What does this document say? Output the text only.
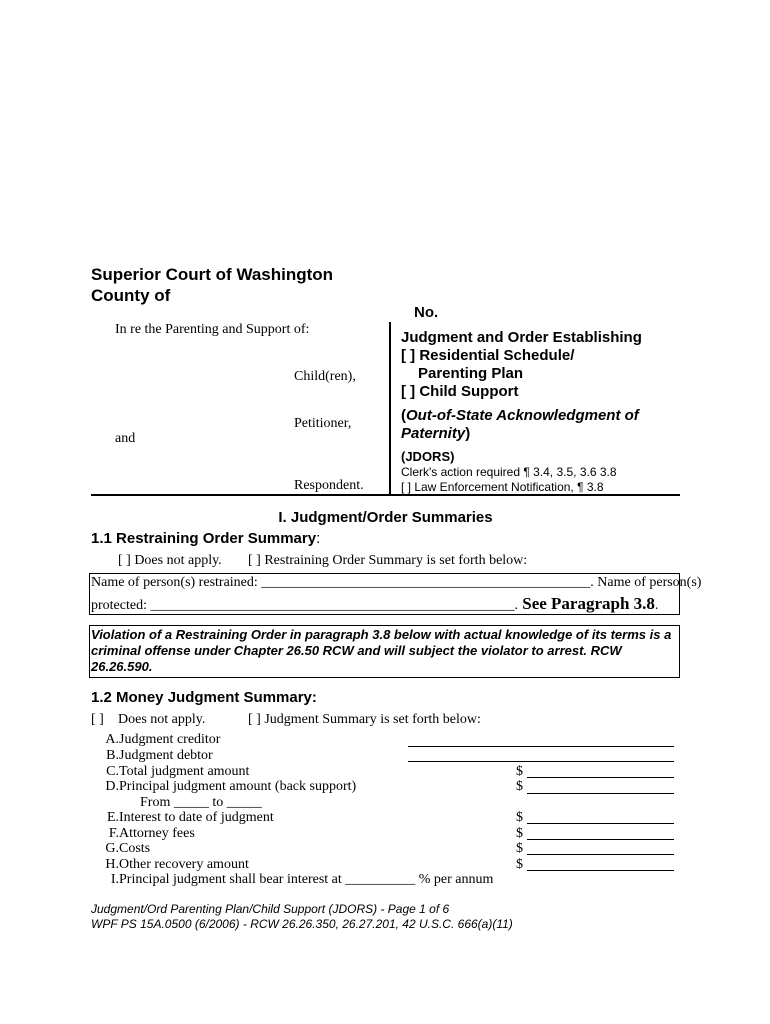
Superior Court of Washington
County of
No.
In re the Parenting and Support of:
Child(ren),
Petitioner,
and
Respondent.
Judgment and Order Establishing
[ ] Residential Schedule/
Parenting Plan
[ ] Child Support
(Out-of-State Acknowledgment of
Paternity)
(JDORS)
Clerk's action required ¶ 3.4, 3.5, 3.6 3.8
[ ] Law Enforcement Notification, ¶ 3.8
I. Judgment/Order Summaries
1.1 Restraining Order Summary:
[ ] Does not apply. [ ] Restraining Order Summary is set forth below:
Name of person(s) restrained: _______________________________________________. Name of person(s)
protected: ____________________________________________________. See Paragraph 3.8.
Violation of a Restraining Order in paragraph 3.8 below with actual knowledge of its terms is a criminal offense under Chapter 26.50 RCW and will subject the violator to arrest. RCW 26.26.590.
1.2 Money Judgment Summary:
[ ] Does not apply.	[ ] Judgment Summary is set forth below:
A. Judgment creditor
B. Judgment debtor
C. Total judgment amount	$
D. Principal judgment amount (back support)	$
From _____ to _____
E. Interest to date of judgment	$
F. Attorney fees	$
G. Costs	$
H. Other recovery amount	$
I. Principal judgment shall bear interest at __________ % per annum
Judgment/Ord Parenting Plan/Child Support (JDORS) - Page 1 of 6
WPF PS 15A.0500 (6/2006) - RCW 26.26.350, 26.27.201, 42 U.S.C. 666(a)(11)
